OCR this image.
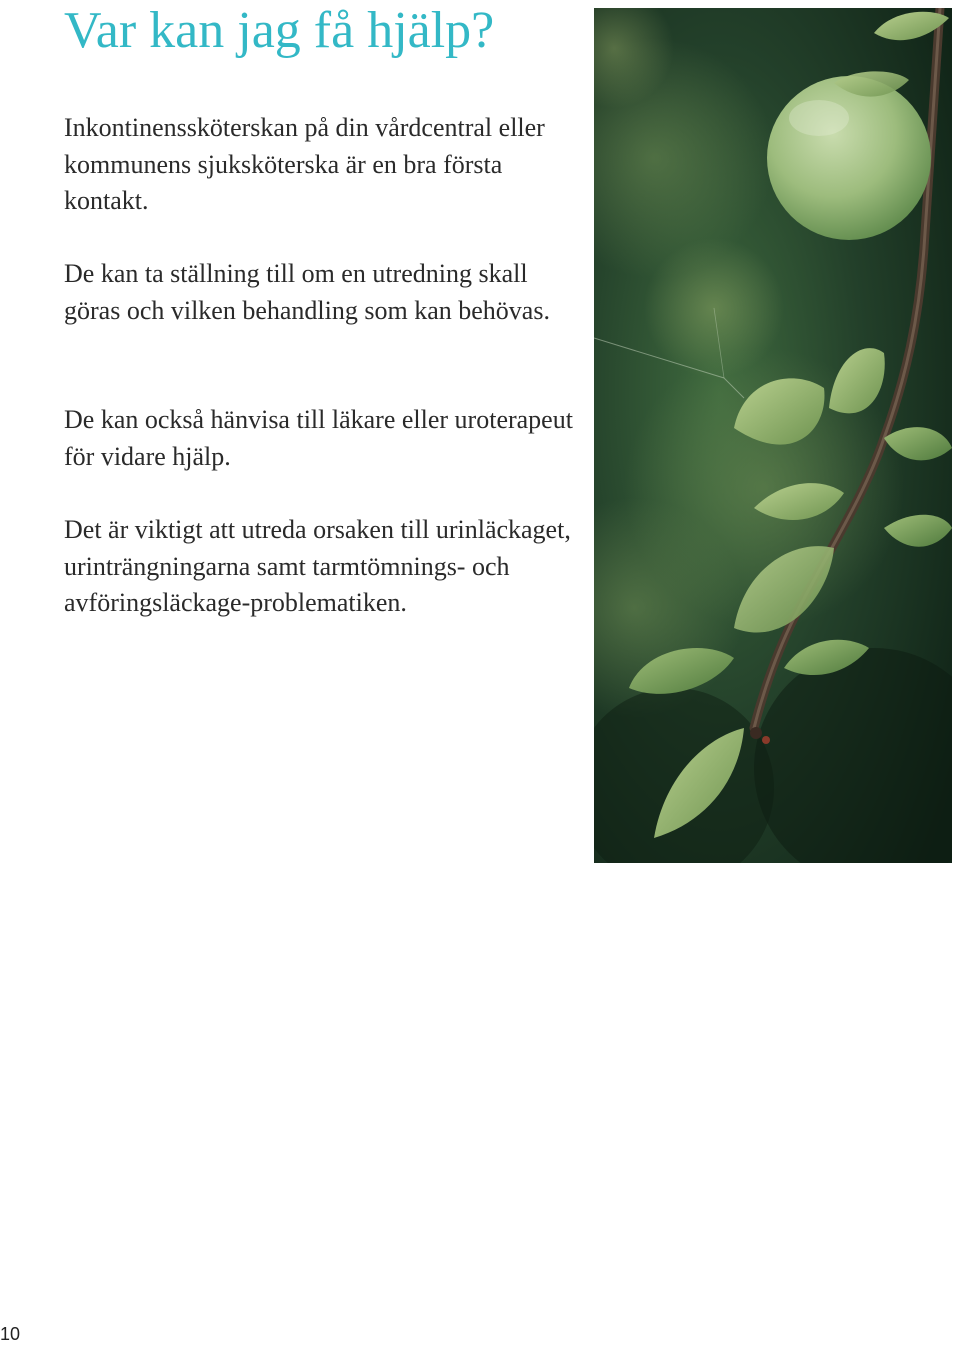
Var kan jag få hjälp?

Inkontinenssköterskan på din vårdcentral eller kommunens sjuksköterska är en bra första kontakt.

De kan ta ställning till om en utredning skall göras och vilken behandling som kan behövas.

De kan också hänvisa till läkare eller uroterapeut för vidare hjälp.

Det är viktigt att utreda orsaken till urinläckaget, urinträngningarna samt tarmtömnings- och avföringsläckage-problematiken.

10
